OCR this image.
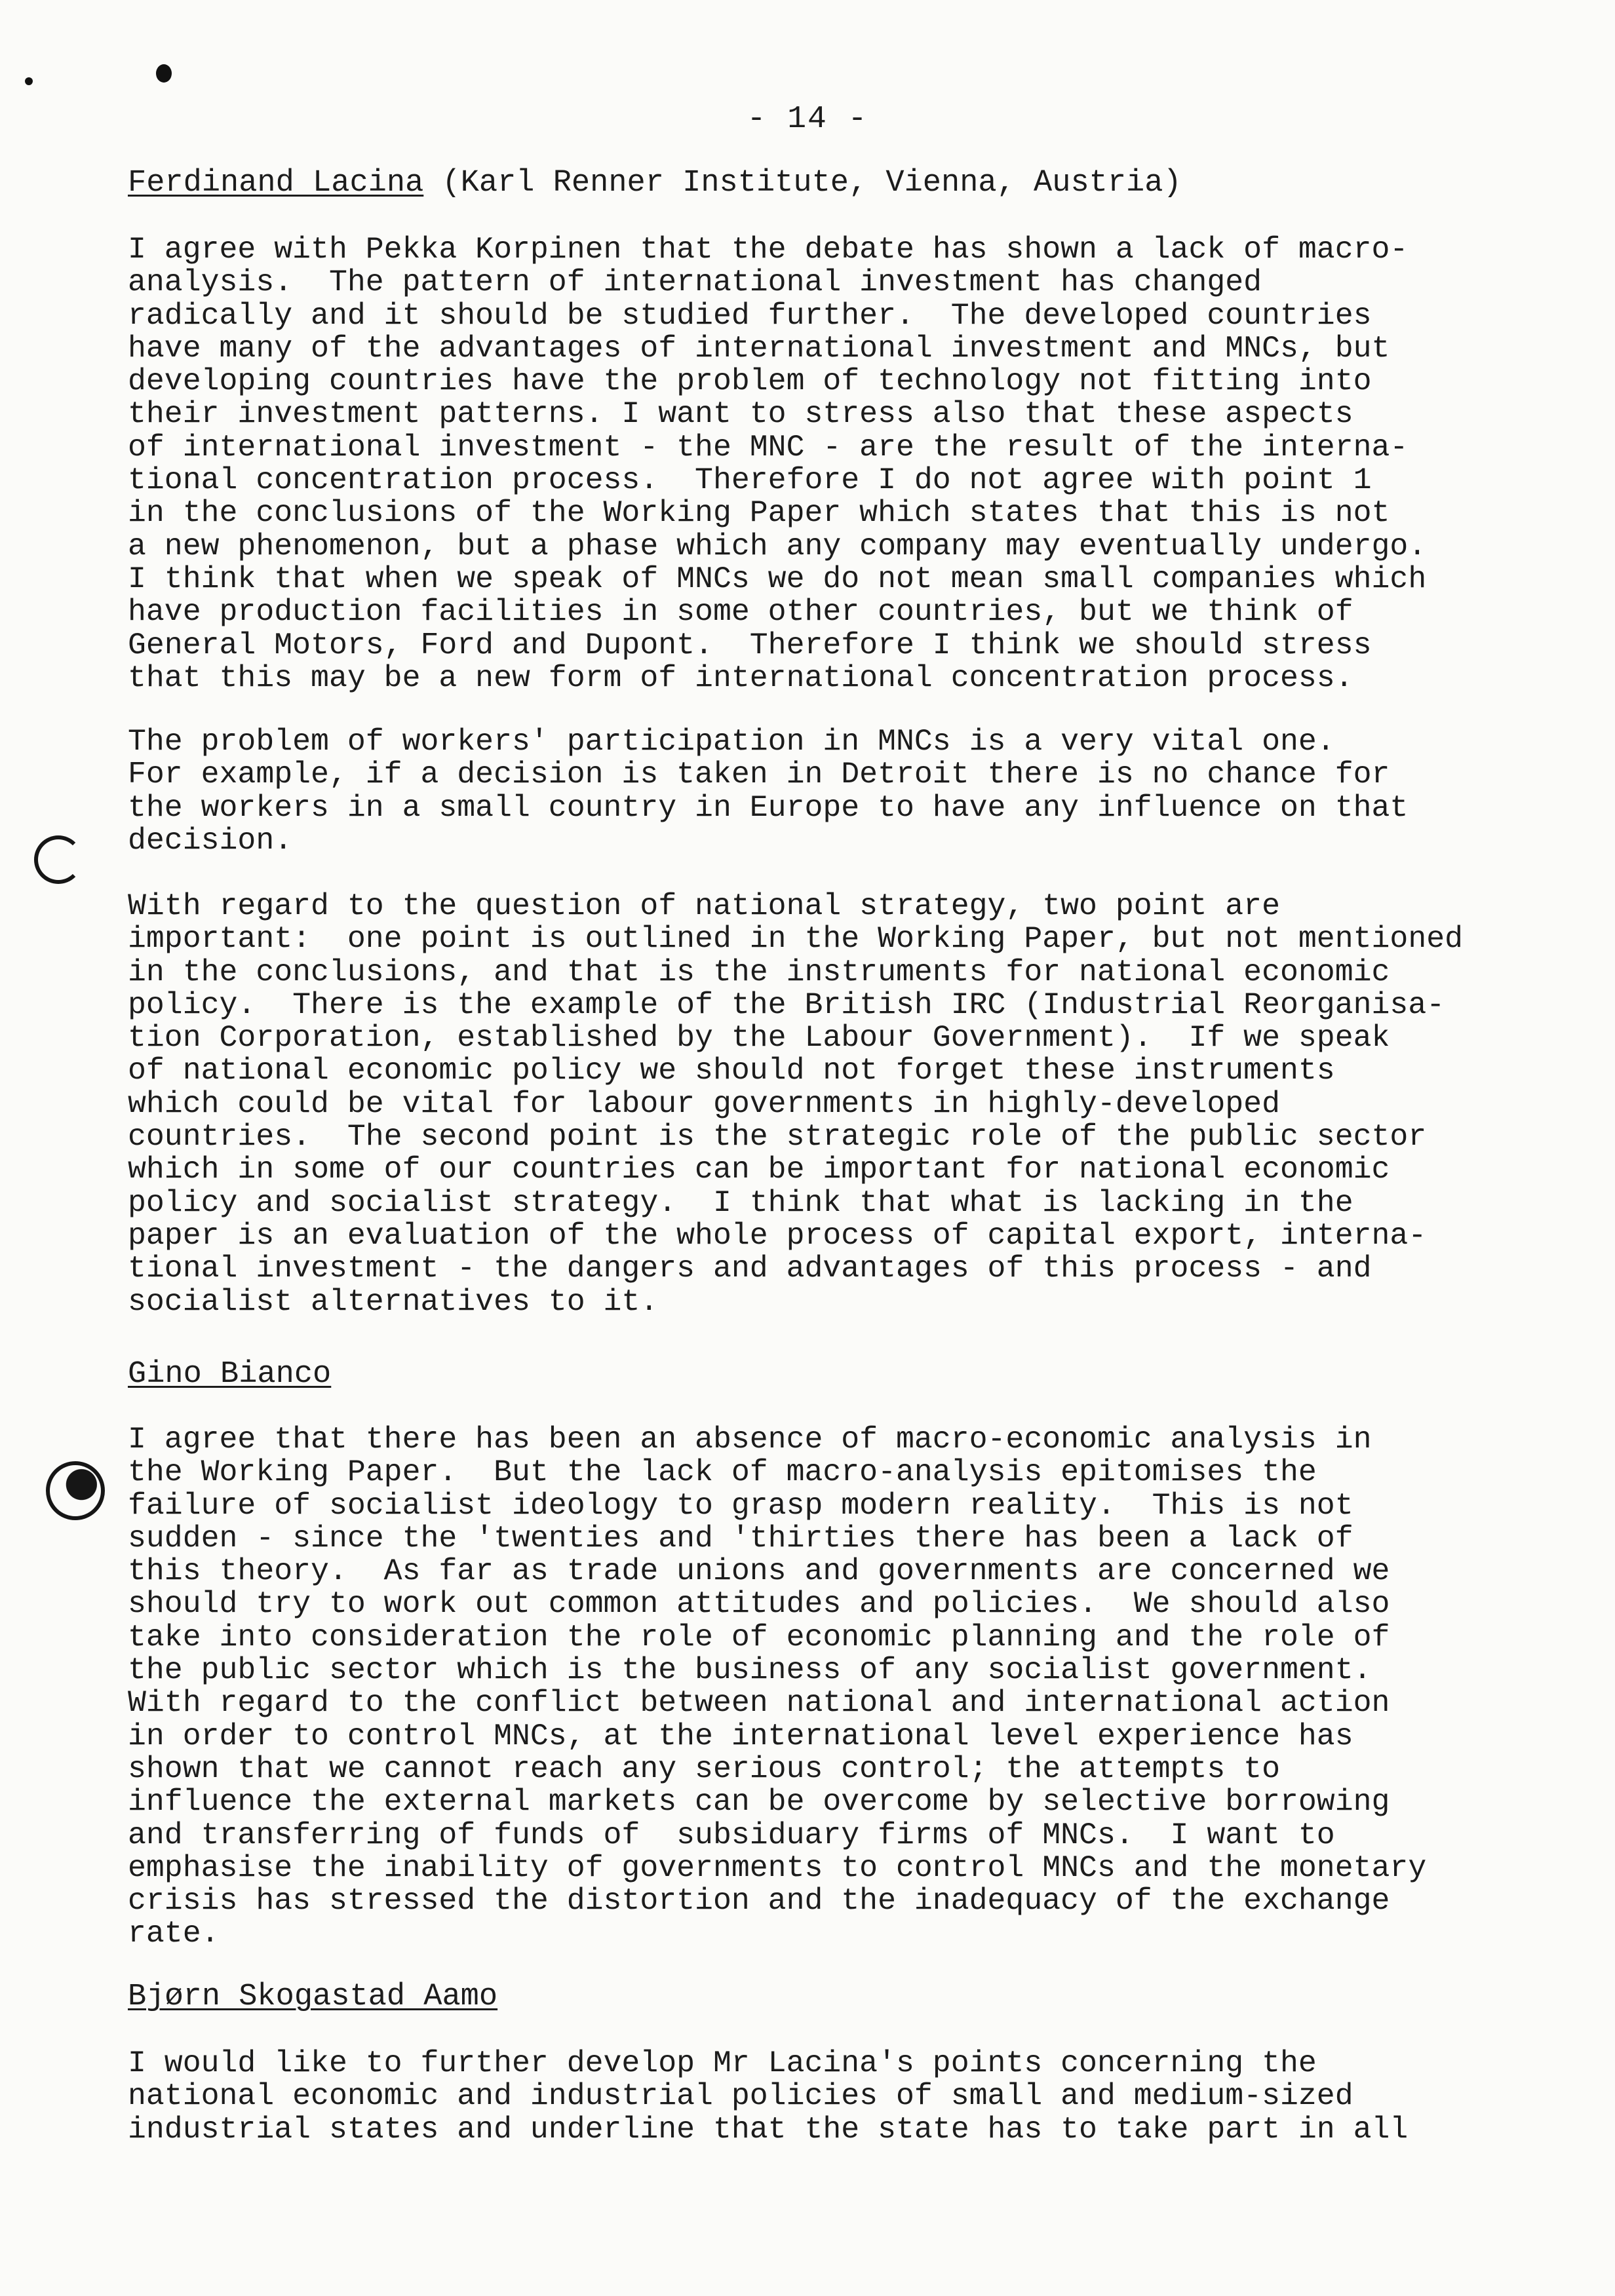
- 14 -
Ferdinand Lacina (Karl Renner Institute, Vienna, Austria)

I agree with Pekka Korpinen that the debate has shown a lack of macro-
analysis.  The pattern of international investment has changed
radically and it should be studied further.  The developed countries
have many of the advantages of international investment and MNCs, but
developing countries have the problem of technology not fitting into
their investment patterns. I want to stress also that these aspects
of international investment - the MNC - are the result of the interna-
tional concentration process.  Therefore I do not agree with point 1
in the conclusions of the Working Paper which states that this is not
a new phenomenon, but a phase which any company may eventually undergo.
I think that when we speak of MNCs we do not mean small companies which
have production facilities in some other countries, but we think of
General Motors, Ford and Dupont.  Therefore I think we should stress
that this may be a new form of international concentration process.

The problem of workers' participation in MNCs is a very vital one.
For example, if a decision is taken in Detroit there is no chance for
the workers in a small country in Europe to have any influence on that
decision.

With regard to the question of national strategy, two point are
important:  one point is outlined in the Working Paper, but not mentioned
in the conclusions, and that is the instruments for national economic
policy.  There is the example of the British IRC (Industrial Reorganisa-
tion Corporation, established by the Labour Government).  If we speak
of national economic policy we should not forget these instruments
which could be vital for labour governments in highly-developed
countries.  The second point is the strategic role of the public sector
which in some of our countries can be important for national economic
policy and socialist strategy.  I think that what is lacking in the
paper is an evaluation of the whole process of capital export, interna-
tional investment - the dangers and advantages of this process - and
socialist alternatives to it.

Gino Bianco

I agree that there has been an absence of macro-economic analysis in
the Working Paper.  But the lack of macro-analysis epitomises the
failure of socialist ideology to grasp modern reality.  This is not
sudden - since the 'twenties and 'thirties there has been a lack of
this theory.  As far as trade unions and governments are concerned we
should try to work out common attitudes and policies.  We should also
take into consideration the role of economic planning and the role of
the public sector which is the business of any socialist government.
With regard to the conflict between national and international action
in order to control MNCs, at the international level experience has
shown that we cannot reach any serious control; the attempts to
influence the external markets can be overcome by selective borrowing
and transferring of funds of  subsiduary firms of MNCs.  I want to
emphasise the inability of governments to control MNCs and the monetary
crisis has stressed the distortion and the inadequacy of the exchange
rate.

Bjørn Skogastad Aamo

I would like to further develop Mr Lacina's points concerning the
national economic and industrial policies of small and medium-sized
industrial states and underline that the state has to take part in all
